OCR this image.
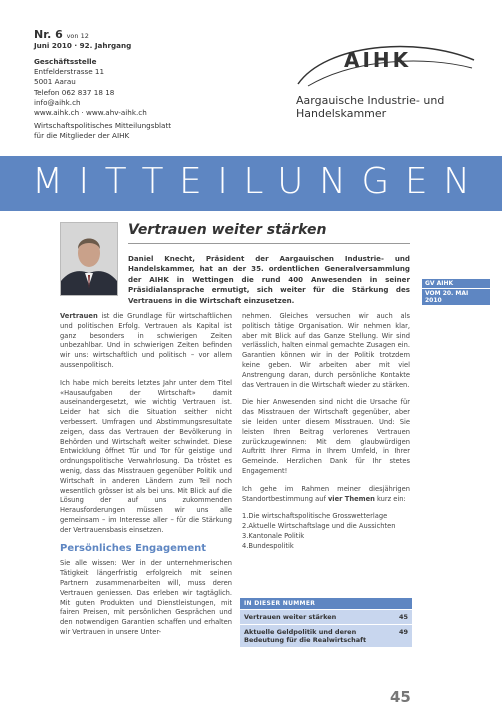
Nr. 6 von 12
Juni 2010 · 92. Jahrgang
Geschäftsstelle
Entfelderstrasse 11
5001 Aarau
Telefon 062 837 18 18
info@aihk.ch
www.aihk.ch · www.ahv-aihk.ch
Wirtschaftspolitisches Mitteilungsblatt
für die Mitglieder der AIHK
AIHK
Aargauische Industrie- und
Handelskammer
MITTEILUNGEN
Vertrauen weiter stärken
Daniel Knecht, Präsident der Aargauischen Industrie- und Handelskammer, hat an der 35. ordentlichen Generalversammlung der AIHK in Wettingen die rund 400 Anwesenden in seiner Präsidialansprache ermutigt, sich weiter für die Stärkung des Vertrauens in die Wirtschaft einzusetzen.
GV AIHK
VOM 20. MAI 2010

Vertrauen ist die Grundlage für wirtschaftlichen und politischen Erfolg. Vertrauen als Kapital ist ganz besonders in schwierigen Zeiten unbezahlbar. Und in schwierigen Zeiten befinden wir uns: wirtschaftlich und politisch – vor allem aussenpolitisch.

Ich habe mich bereits letztes Jahr unter dem Titel «Hausaufgaben der Wirtschaft» damit auseinandergesetzt, wie wichtig Vertrauen ist. Leider hat sich die Situation seither nicht verbessert. Umfragen und Abstimmungsresultate zeigen, dass das Vertrauen der Bevölkerung in Behörden und Wirtschaft weiter schwindet. Diese Entwicklung öffnet Tür und Tor für geistige und ordnungspolitische Verwahrlosung. Da tröstet es wenig, dass das Misstrauen gegenüber Politik und Wirtschaft in anderen Ländern zum Teil noch wesentlich grösser ist als bei uns. Mit Blick auf die Lösung der auf uns zukommenden Herausforderungen müssen wir uns alle gemeinsam – im Interesse aller – für die Stärkung der Vertrauensbasis einsetzen.

Persönliches Engagement

Sie alle wissen: Wer in der unternehmerischen Tätigkeit längerfristig erfolgreich mit seinen Partnern zusammenarbeiten will, muss deren Vertrauen geniessen. Das erleben wir tagtäglich. Mit guten Produkten und Dienstleistungen, mit fairen Preisen, mit persönlichen Gesprächen und den notwendigen Garantien schaffen und erhalten wir Vertrauen in unsere Unter-

nehmen. Gleiches versuchen wir auch als politisch tätige Organisation. Wir nehmen klar, aber mit Blick auf das Ganze Stellung. Wir sind verlässlich, halten einmal gemachte Zusagen ein. Garantien können wir in der Politik trotzdem keine geben. Wir arbeiten aber mit viel Anstrengung daran, durch persönliche Kontakte das Vertrauen in die Wirtschaft wieder zu stärken.

Die hier Anwesenden sind nicht die Ursache für das Misstrauen der Wirtschaft gegenüber, aber sie leiden unter diesem Misstrauen. Und: Sie leisten Ihren Beitrag verlorenes Vertrauen zurückzugewinnen: Mit dem glaubwürdigen Auftritt Ihrer Firma in Ihrem Umfeld, in Ihrer Gemeinde. Herzlichen Dank für Ihr stetes Engagement!

Ich gehe im Rahmen meiner diesjährigen Standortbestimmung auf vier Themen kurz ein:

1.Die wirtschaftspolitische Grosswetterlage
2.Aktuelle Wirtschaftslage und die Aussichten
3.Kantonale Politik
4.Bundespolitik
IN DIESER NUMMER
Vertrauen weiter stärken	45
Aktuelle Geldpolitik und deren Bedeutung für die Realwirtschaft
49
45
